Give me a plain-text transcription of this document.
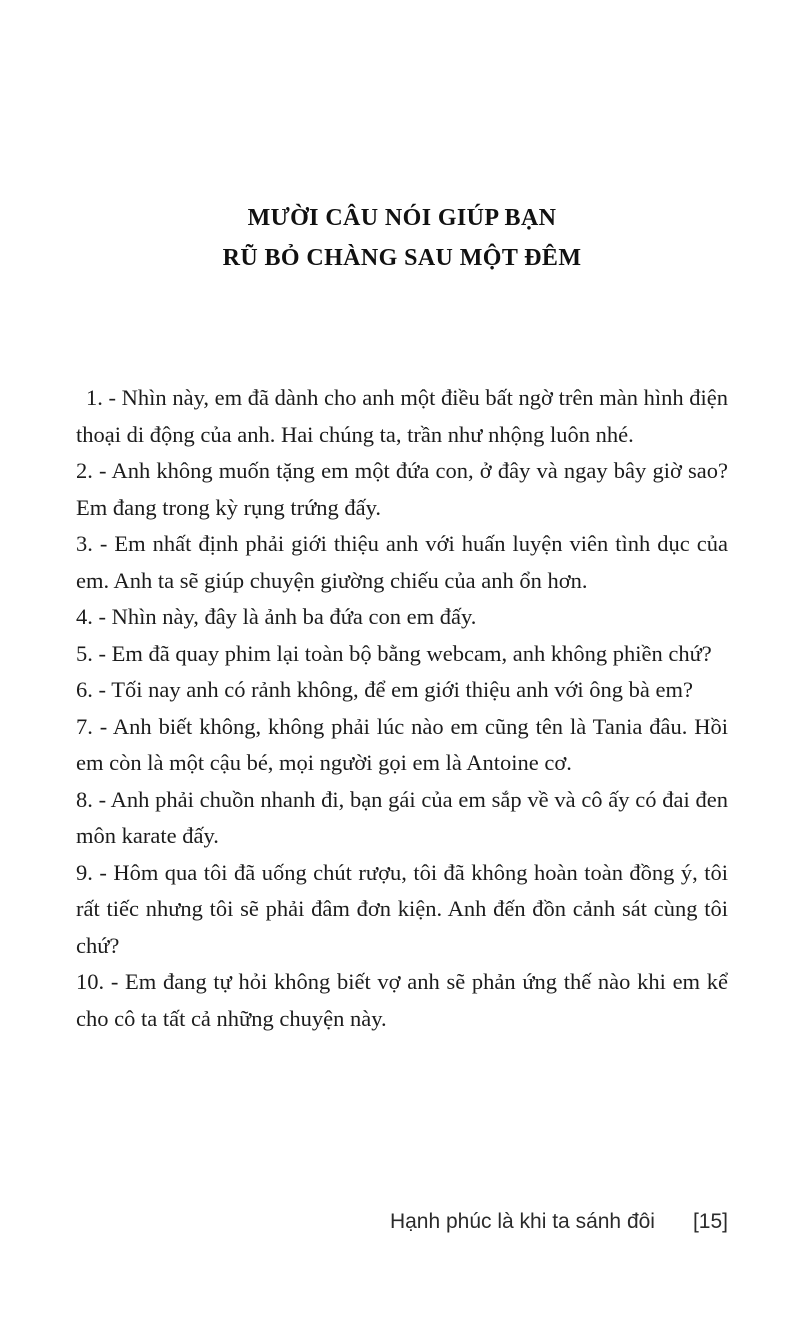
MƯỜI CÂU NÓI GIÚP BẠN
RŨ BỎ CHÀNG SAU MỘT ĐÊM

1. - Nhìn này, em đã dành cho anh một điều bất ngờ trên màn hình điện thoại di động của anh. Hai chúng ta, trần như nhộng luôn nhé.

2. - Anh không muốn tặng em một đứa con, ở đây và ngay bây giờ sao? Em đang trong kỳ rụng trứng đấy.

3. - Em nhất định phải giới thiệu anh với huấn luyện viên tình dục của em. Anh ta sẽ giúp chuyện giường chiếu của anh ổn hơn.

4. - Nhìn này, đây là ảnh ba đứa con em đấy.

5. - Em đã quay phim lại toàn bộ bằng webcam, anh không phiền chứ?

6. - Tối nay anh có rảnh không, để em giới thiệu anh với ông bà em?

7. - Anh biết không, không phải lúc nào em cũng tên là Tania đâu. Hồi em còn là một cậu bé, mọi người gọi em là Antoine cơ.

8. - Anh phải chuồn nhanh đi, bạn gái của em sắp về và cô ấy có đai đen môn karate đấy.

9. - Hôm qua tôi đã uống chút rượu, tôi đã không hoàn toàn đồng ý, tôi rất tiếc nhưng tôi sẽ phải đâm đơn kiện. Anh đến đồn cảnh sát cùng tôi chứ?

10. - Em đang tự hỏi không biết vợ anh sẽ phản ứng thế nào khi em kể cho cô ta tất cả những chuyện này.

Hạnh phúc là khi ta sánh đôi [15]
